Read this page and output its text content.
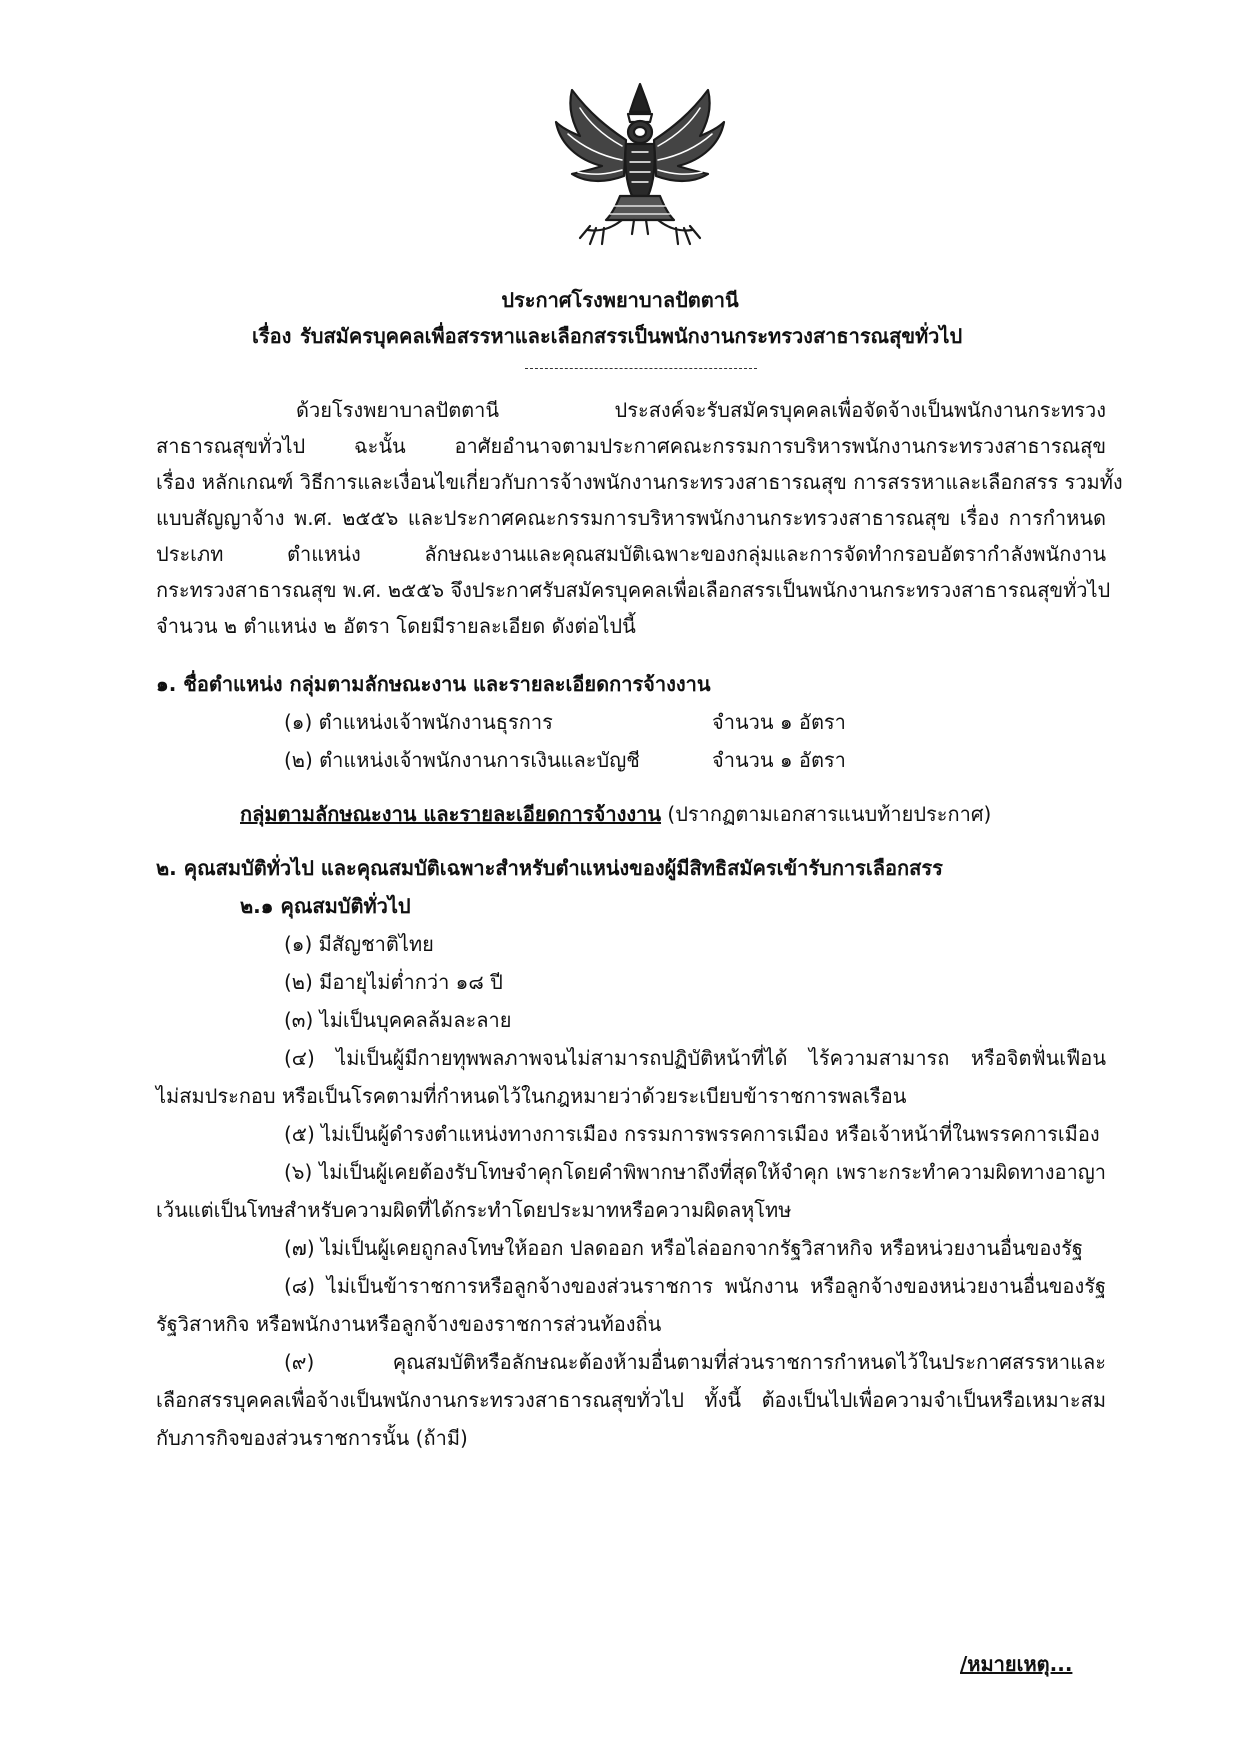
ประกาศโรงพยาบาลปัตตานี
เรื่อง รับสมัครบุคคลเพื่อสรรหาและเลือกสรรเป็นพนักงานกระทรวงสาธารณสุขทั่วไป
ด้วยโรงพยาบาลปัตตานี ประสงค์จะรับสมัครบุคคลเพื่อจัดจ้างเป็นพนักงานกระทรวง
สาธารณสุขทั่วไป ฉะนั้น อาศัยอำนาจตามประกาศคณะกรรมการบริหารพนักงานกระทรวงสาธารณสุข
เรื่อง หลักเกณฑ์ วิธีการและเงื่อนไขเกี่ยวกับการจ้างพนักงานกระทรวงสาธารณสุข การสรรหาและเลือกสรร รวมทั้ง
แบบสัญญาจ้าง พ.ศ. ๒๕๕๖ และประกาศคณะกรรมการบริหารพนักงานกระทรวงสาธารณสุข เรื่อง การกำหนด
ประเภท ตำแหน่ง ลักษณะงานและคุณสมบัติเฉพาะของกลุ่มและการจัดทำกรอบอัตรากำลังพนักงาน
กระทรวงสาธารณสุข พ.ศ. ๒๕๕๖ จึงประกาศรับสมัครบุคคลเพื่อเลือกสรรเป็นพนักงานกระทรวงสาธารณสุขทั่วไป
จำนวน ๒ ตำแหน่ง ๒ อัตรา โดยมีรายละเอียด ดังต่อไปนี้
๑. ชื่อตำแหน่ง กลุ่มตามลักษณะงาน และรายละเอียดการจ้างงาน
(๑) ตำแหน่งเจ้าพนักงานธุรการ	จำนวน ๑ อัตรา
(๒) ตำแหน่งเจ้าพนักงานการเงินและบัญชี	จำนวน ๑ อัตรา
กลุ่มตามลักษณะงาน และรายละเอียดการจ้างงาน (ปรากฏตามเอกสารแนบท้ายประกาศ)
๒. คุณสมบัติทั่วไป และคุณสมบัติเฉพาะสำหรับตำแหน่งของผู้มีสิทธิสมัครเข้ารับการเลือกสรร
๒.๑ คุณสมบัติทั่วไป
(๑) มีสัญชาติไทย
(๒) มีอายุไม่ต่ำกว่า ๑๘ ปี
(๓) ไม่เป็นบุคคลล้มละลาย
(๔) ไม่เป็นผู้มีกายทุพพลภาพจนไม่สามารถปฏิบัติหน้าที่ได้ ไร้ความสามารถ หรือจิตฟั่นเฟือน
ไม่สมประกอบ หรือเป็นโรคตามที่กำหนดไว้ในกฎหมายว่าด้วยระเบียบข้าราชการพลเรือน
(๕) ไม่เป็นผู้ดำรงตำแหน่งทางการเมือง กรรมการพรรคการเมือง หรือเจ้าหน้าที่ในพรรคการเมือง
(๖) ไม่เป็นผู้เคยต้องรับโทษจำคุกโดยคำพิพากษาถึงที่สุดให้จำคุก เพราะกระทำความผิดทางอาญา
เว้นแต่เป็นโทษสำหรับความผิดที่ได้กระทำโดยประมาทหรือความผิดลหุโทษ
(๗) ไม่เป็นผู้เคยถูกลงโทษให้ออก ปลดออก หรือไล่ออกจากรัฐวิสาหกิจ หรือหน่วยงานอื่นของรัฐ
(๘) ไม่เป็นข้าราชการหรือลูกจ้างของส่วนราชการ พนักงาน หรือลูกจ้างของหน่วยงานอื่นของรัฐ
รัฐวิสาหกิจ หรือพนักงานหรือลูกจ้างของราชการส่วนท้องถิ่น
(๙) คุณสมบัติหรือลักษณะต้องห้ามอื่นตามที่ส่วนราชการกำหนดไว้ในประกาศสรรหาและ
เลือกสรรบุคคลเพื่อจ้างเป็นพนักงานกระทรวงสาธารณสุขทั่วไป ทั้งนี้ ต้องเป็นไปเพื่อความจำเป็นหรือเหมาะสม
กับภารกิจของส่วนราชการนั้น (ถ้ามี)
/หมายเหตุ...
